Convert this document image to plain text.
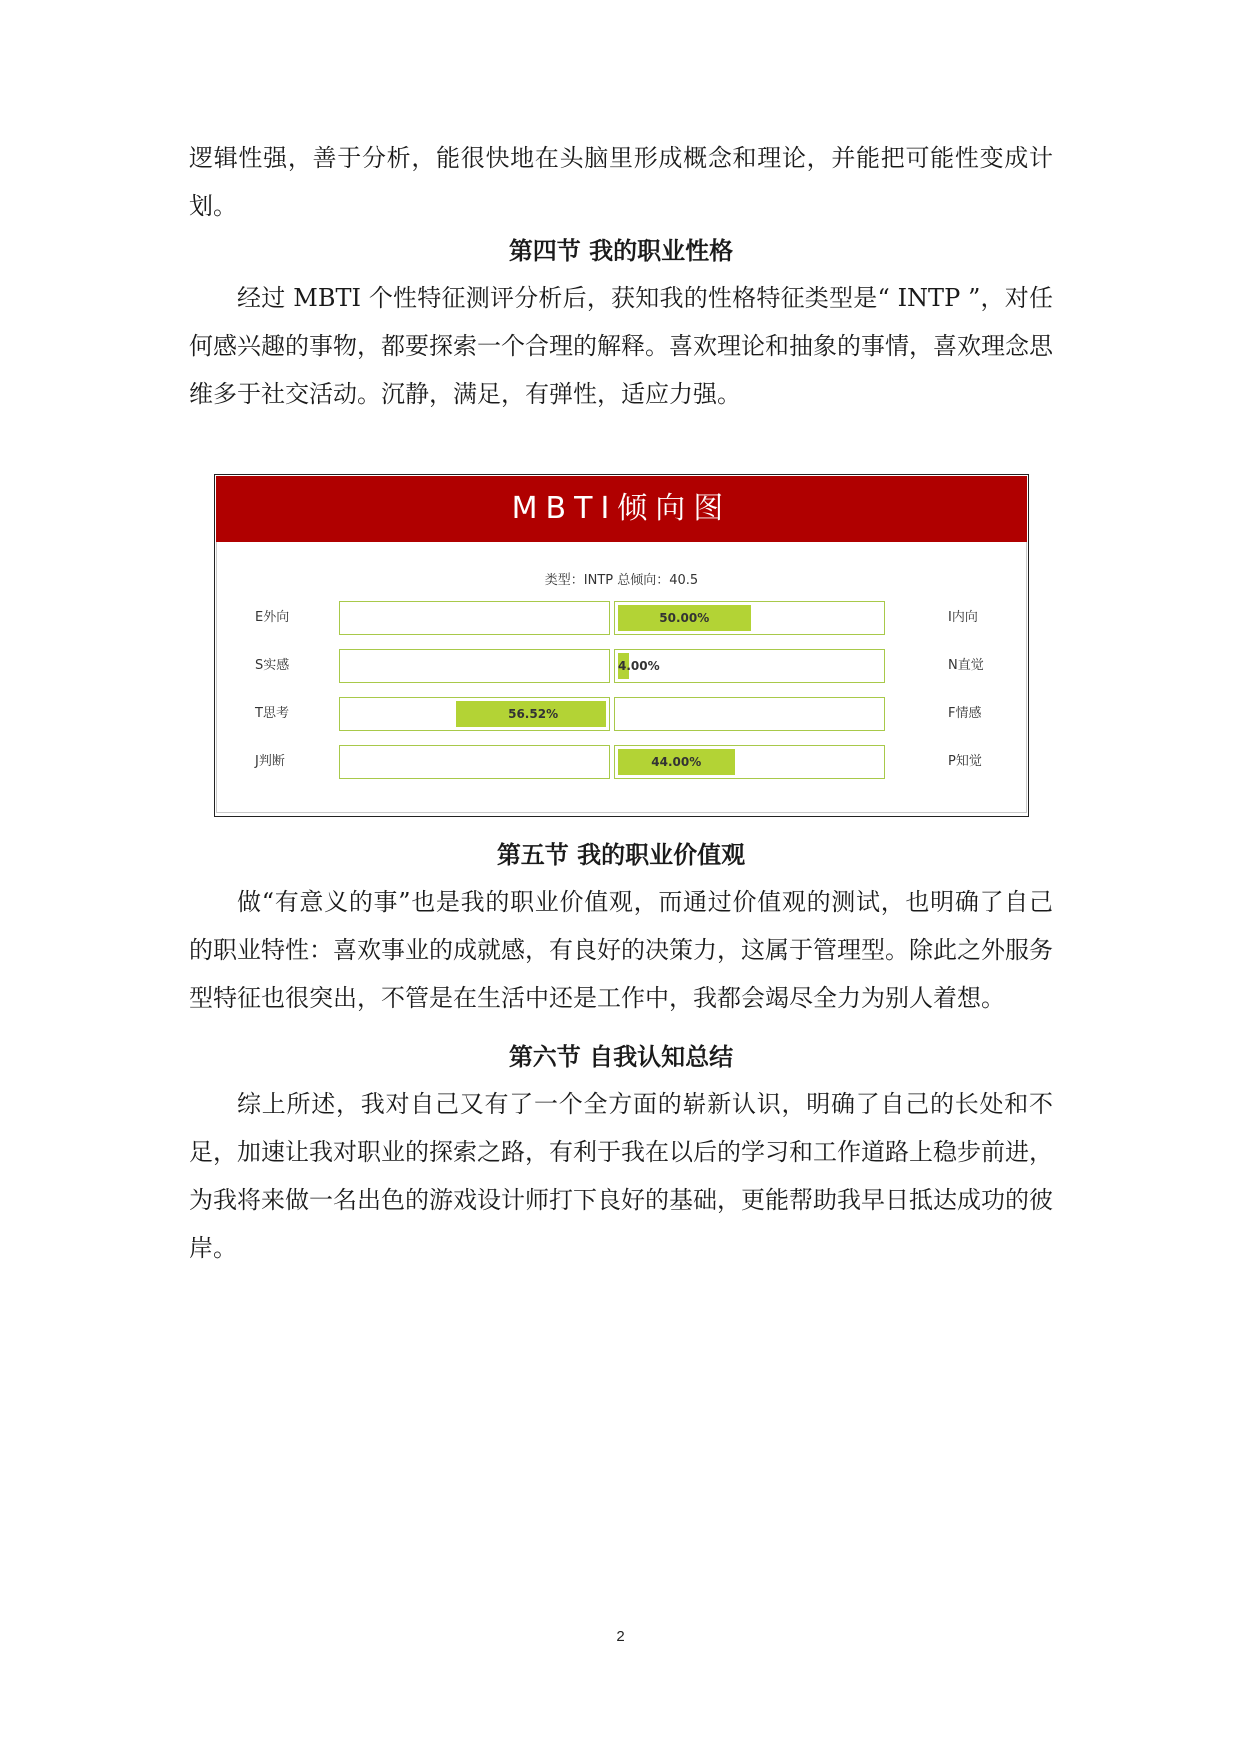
逻辑性强，善于分析，能很快地在头脑里形成概念和理论，并能把可能性变成计划。

第四节 我的职业性格

经过 MBTI 个性特征测评分析后，获知我的性格特征类型是“ INTP ”，对任何感兴趣的事物，都要探索一个合理的解释。喜欢理论和抽象的事情，喜欢理念思维多于社交活动。沉静，满足，有弹性，适应力强。

MBTI倾向图
类型：INTP 总倾向：40.5
E外向	50.00%	I内向
S实感	4.00%	N直觉
T思考	56.52%	F情感
J判断	44.00%	P知觉
第五节 我的职业价值观

做“有意义的事”也是我的职业价值观，而通过价值观的测试，也明确了自己的职业特性：喜欢事业的成就感，有良好的决策力，这属于管理型。除此之外服务型特征也很突出，不管是在生活中还是工作中，我都会竭尽全力为别人着想。

第六节 自我认知总结

综上所述，我对自己又有了一个全方面的崭新认识，明确了自己的长处和不足，加速让我对职业的探索之路，有利于我在以后的学习和工作道路上稳步前进，为我将来做一名出色的游戏设计师打下良好的基础，更能帮助我早日抵达成功的彼岸。

2
